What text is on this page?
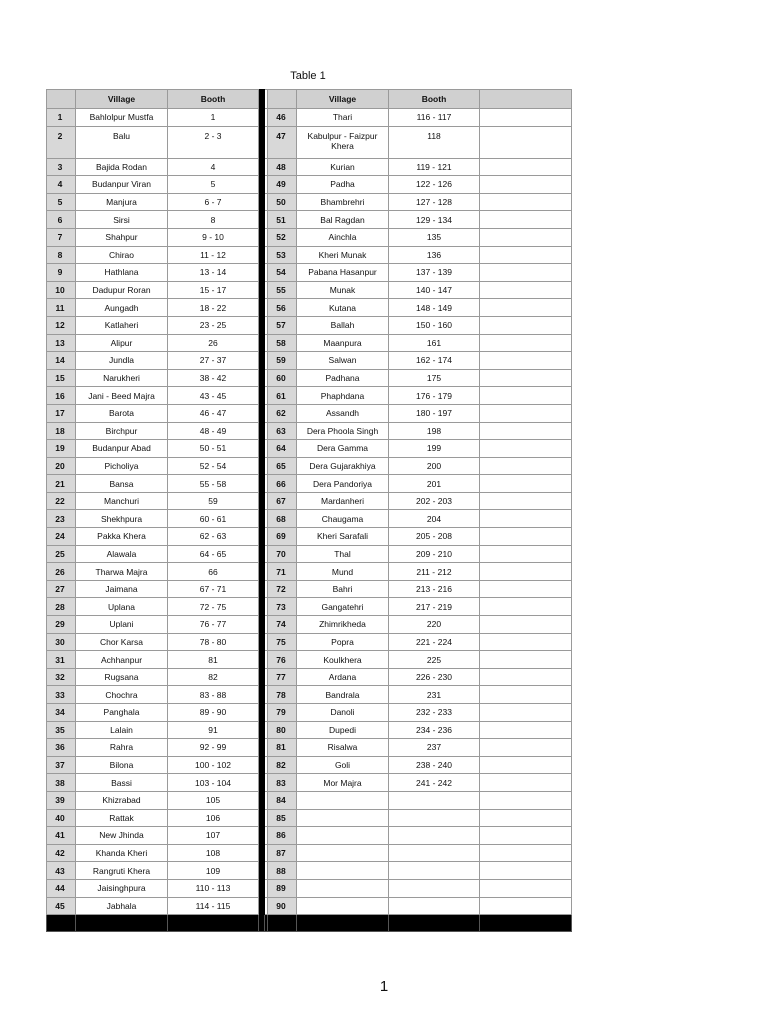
Table 1
	Village	Booth				Village	Booth	

1	Bahlolpur Mustfa	1			46	Thari	116 - 117	

2	Balu	2 - 3			47	Kabulpur - Faizpur Khera	118	

3	Bajida Rodan	4			48	Kurian	119 - 121	

4	Budanpur Viran	5			49	Padha	122 - 126	

5	Manjura	6 - 7			50	Bhambrehri	127 - 128	

6	Sirsi	8			51	Bal Ragdan	129 - 134	

7	Shahpur	9 - 10			52	Ainchla	135	

8	Chirao	11 - 12			53	Kheri Munak	136	

9	Hathlana	13 - 14			54	Pabana Hasanpur	137 - 139	

10	Dadupur Roran	15 - 17			55	Munak	140 - 147	

11	Aungadh	18 - 22			56	Kutana	148 - 149	

12	Katlaheri	23 - 25			57	Ballah	150 - 160	

13	Alipur	26			58	Maanpura	161	

14	Jundla	27 - 37			59	Salwan	162 - 174	

15	Narukheri	38 - 42			60	Padhana	175	

16	Jani - Beed Majra	43 - 45			61	Phaphdana	176 - 179	

17	Barota	46 - 47			62	Assandh	180 - 197	

18	Birchpur	48 - 49			63	Dera Phoola Singh	198	

19	Budanpur Abad	50 - 51			64	Dera Gamma	199	

20	Picholiya	52 - 54			65	Dera Gujarakhiya	200	

21	Bansa	55 - 58			66	Dera Pandoriya	201	

22	Manchuri	59			67	Mardanheri	202 - 203	

23	Shekhpura	60 - 61			68	Chaugama	204	

24	Pakka Khera	62 - 63			69	Kheri Sarafali	205 - 208	

25	Alawala	64 - 65			70	Thal	209 - 210	

26	Tharwa Majra	66			71	Mund	211 - 212	

27	Jaimana	67 - 71			72	Bahri	213 - 216	

28	Uplana	72 - 75			73	Gangatehri	217 - 219	

29	Uplani	76 - 77			74	Zhimrikheda	220	

30	Chor Karsa	78 - 80			75	Popra	221 - 224	

31	Achhanpur	81			76	Koulkhera	225	

32	Rugsana	82			77	Ardana	226 - 230	

33	Chochra	83 - 88			78	Bandrala	231	

34	Panghala	89 - 90			79	Danoli	232 - 233	

35	Lalain	91			80	Dupedi	234 - 236	

36	Rahra	92 - 99			81	Risalwa	237	

37	Bilona	100 - 102			82	Goli	238 - 240	

38	Bassi	103 - 104			83	Mor Majra	241 - 242	

39	Khizrabad	105			84			

40	Rattak	106			85			

41	New Jhinda	107			86			

42	Khanda Kheri	108			87			

43	Rangruti Khera	109			88			

44	Jaisinghpura	110 - 113			89			

45	Jabhala	114 - 115			90			

1
